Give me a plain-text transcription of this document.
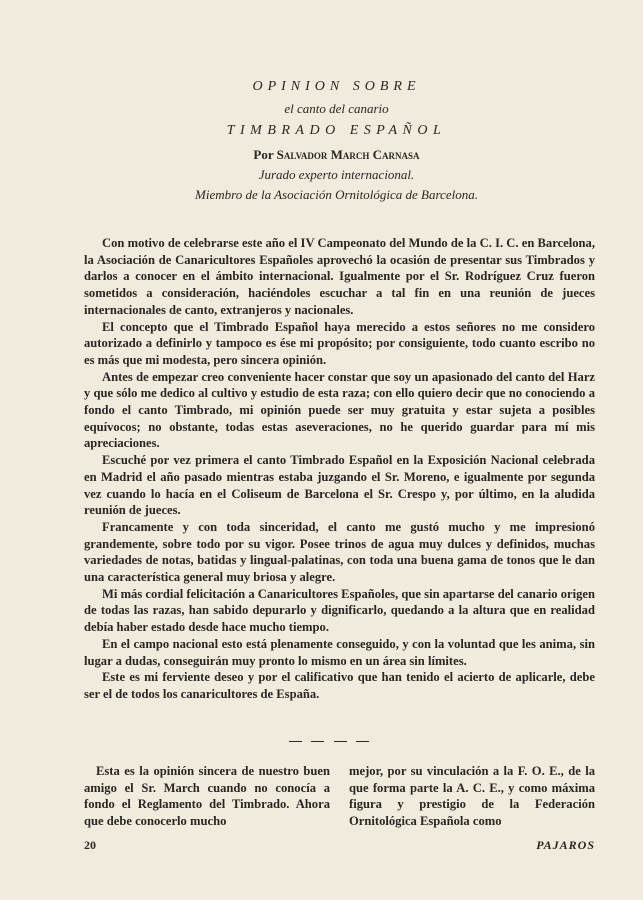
OPINION SOBRE

el canto del canario

TIMBRADO ESPAÑOL

Por Salvador March Carnasa

Jurado experto internacional.

Miembro de la Asociación Ornitológica de Barcelona.

Con motivo de celebrarse este año el IV Campeonato del Mundo de la C. I. C. en Barcelona, la Asociación de Canaricultores Españoles aprovechó la ocasión de presentar sus Timbrados y darlos a conocer en el ámbito internacional. Igualmente por el Sr. Rodríguez Cruz fueron sometidos a consideración, haciéndoles escuchar a tal fin en una reunión de jueces internacionales de canto, extranjeros y nacionales.

El concepto que el Timbrado Español haya merecido a estos señores no me considero autorizado a definirlo y tampoco es ése mi propósito; por consiguiente, todo cuanto escribo no es más que mi modesta, pero sincera opinión.

Antes de empezar creo conveniente hacer constar que soy un apasionado del canto del Harz y que sólo me dedico al cultivo y estudio de esta raza; con ello quiero decir que no conociendo a fondo el canto Timbrado, mi opinión puede ser muy gratuita y estar sujeta a posibles equívocos; no obstante, todas estas aseveraciones, no he querido guardar para mí mis apreciaciones.

Escuché por vez primera el canto Timbrado Español en la Exposición Nacional celebrada en Madrid el año pasado mientras estaba juzgando el Sr. Moreno, e igualmente por segunda vez cuando lo hacía en el Coliseum de Barcelona el Sr. Crespo y, por último, en la aludida reunión de jueces.

Francamente y con toda sinceridad, el canto me gustó mucho y me impresionó grandemente, sobre todo por su vigor. Posee trinos de agua muy dulces y definidos, muchas variedades de notas, batidas y lingual-palatinas, con toda una buena gama de tonos que le dan una característica general muy briosa y alegre.

Mi más cordial felicitación a Canaricultores Españoles, que sin apartarse del canario origen de todas las razas, han sabido depurarlo y dignificarlo, quedando a la altura que en realidad debía haber estado desde hace mucho tiempo.

En el campo nacional esto está plenamente conseguido, y con la voluntad que les anima, sin lugar a dudas, conseguirán muy pronto lo mismo en un área sin límites.

Este es mi ferviente deseo y por el calificativo que han tenido el acierto de aplicarle, debe ser el de todos los canaricultores de España.

Esta es la opinión sincera de nuestro buen amigo el Sr. March cuando no conocía a fondo el Reglamento del Timbrado. Ahora que debe conocerlo mucho

mejor, por su vinculación a la F. O. E., de la que forma parte la A. C. E., y como máxima figura y prestigio de la Federación Ornitológica Española como

20	PAJAROS
